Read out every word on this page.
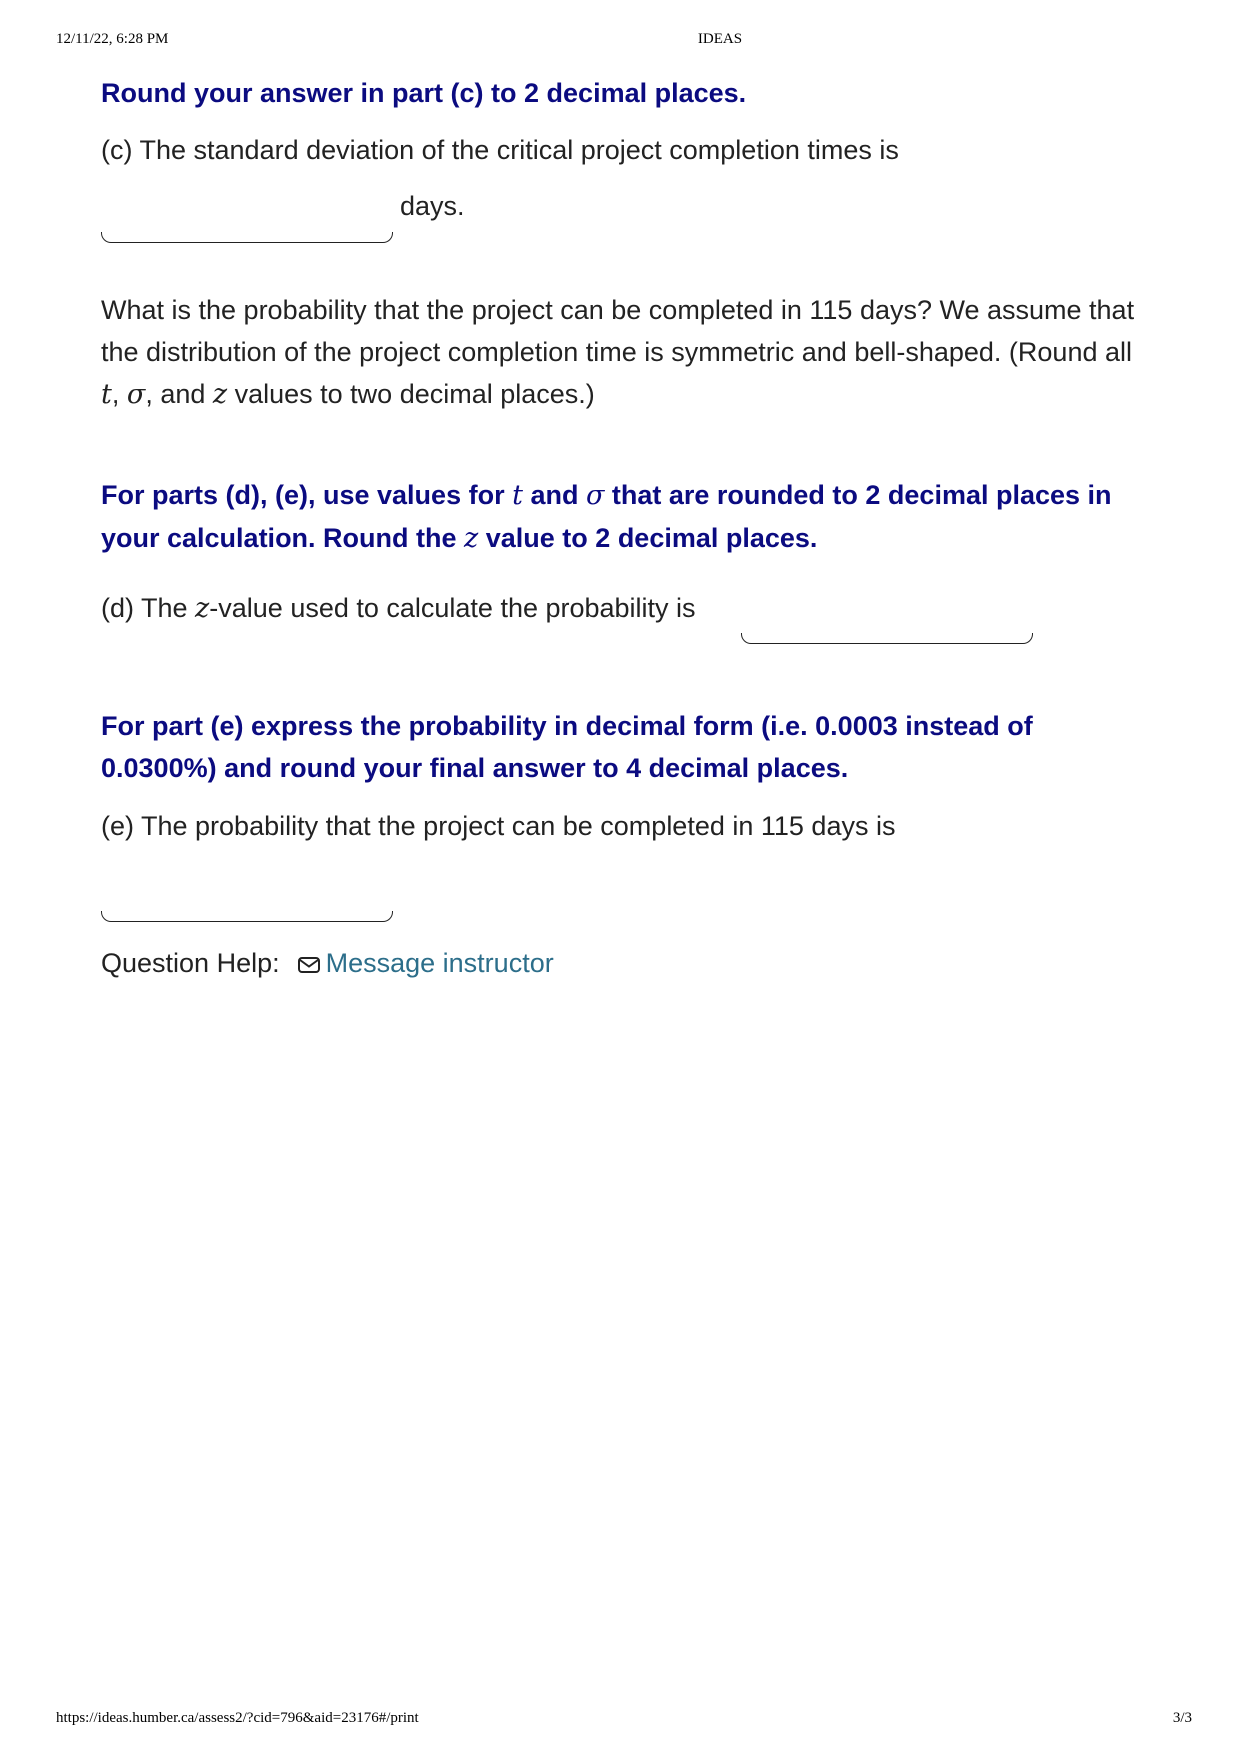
12/11/22, 6:28 PM	IDEAS
Round your answer in part (c) to 2 decimal places.
(c) The standard deviation of the critical project completion times is
days.
What is the probability that the project can be completed in 115 days? We assume that the distribution of the project completion time is symmetric and bell-shaped. (Round all t, σ, and z values to two decimal places.)
For parts (d), (e), use values for t and σ that are rounded to 2 decimal places in your calculation. Round the z value to 2 decimal places.
(d) The z-value used to calculate the probability is
For part (e) express the probability in decimal form (i.e. 0.0003 instead of 0.0300%) and round your final answer to 4 decimal places.
(e) The probability that the project can be completed in 115 days is
Question Help: Message instructor
https://ideas.humber.ca/assess2/?cid=796&aid=23176#/print	3/3
